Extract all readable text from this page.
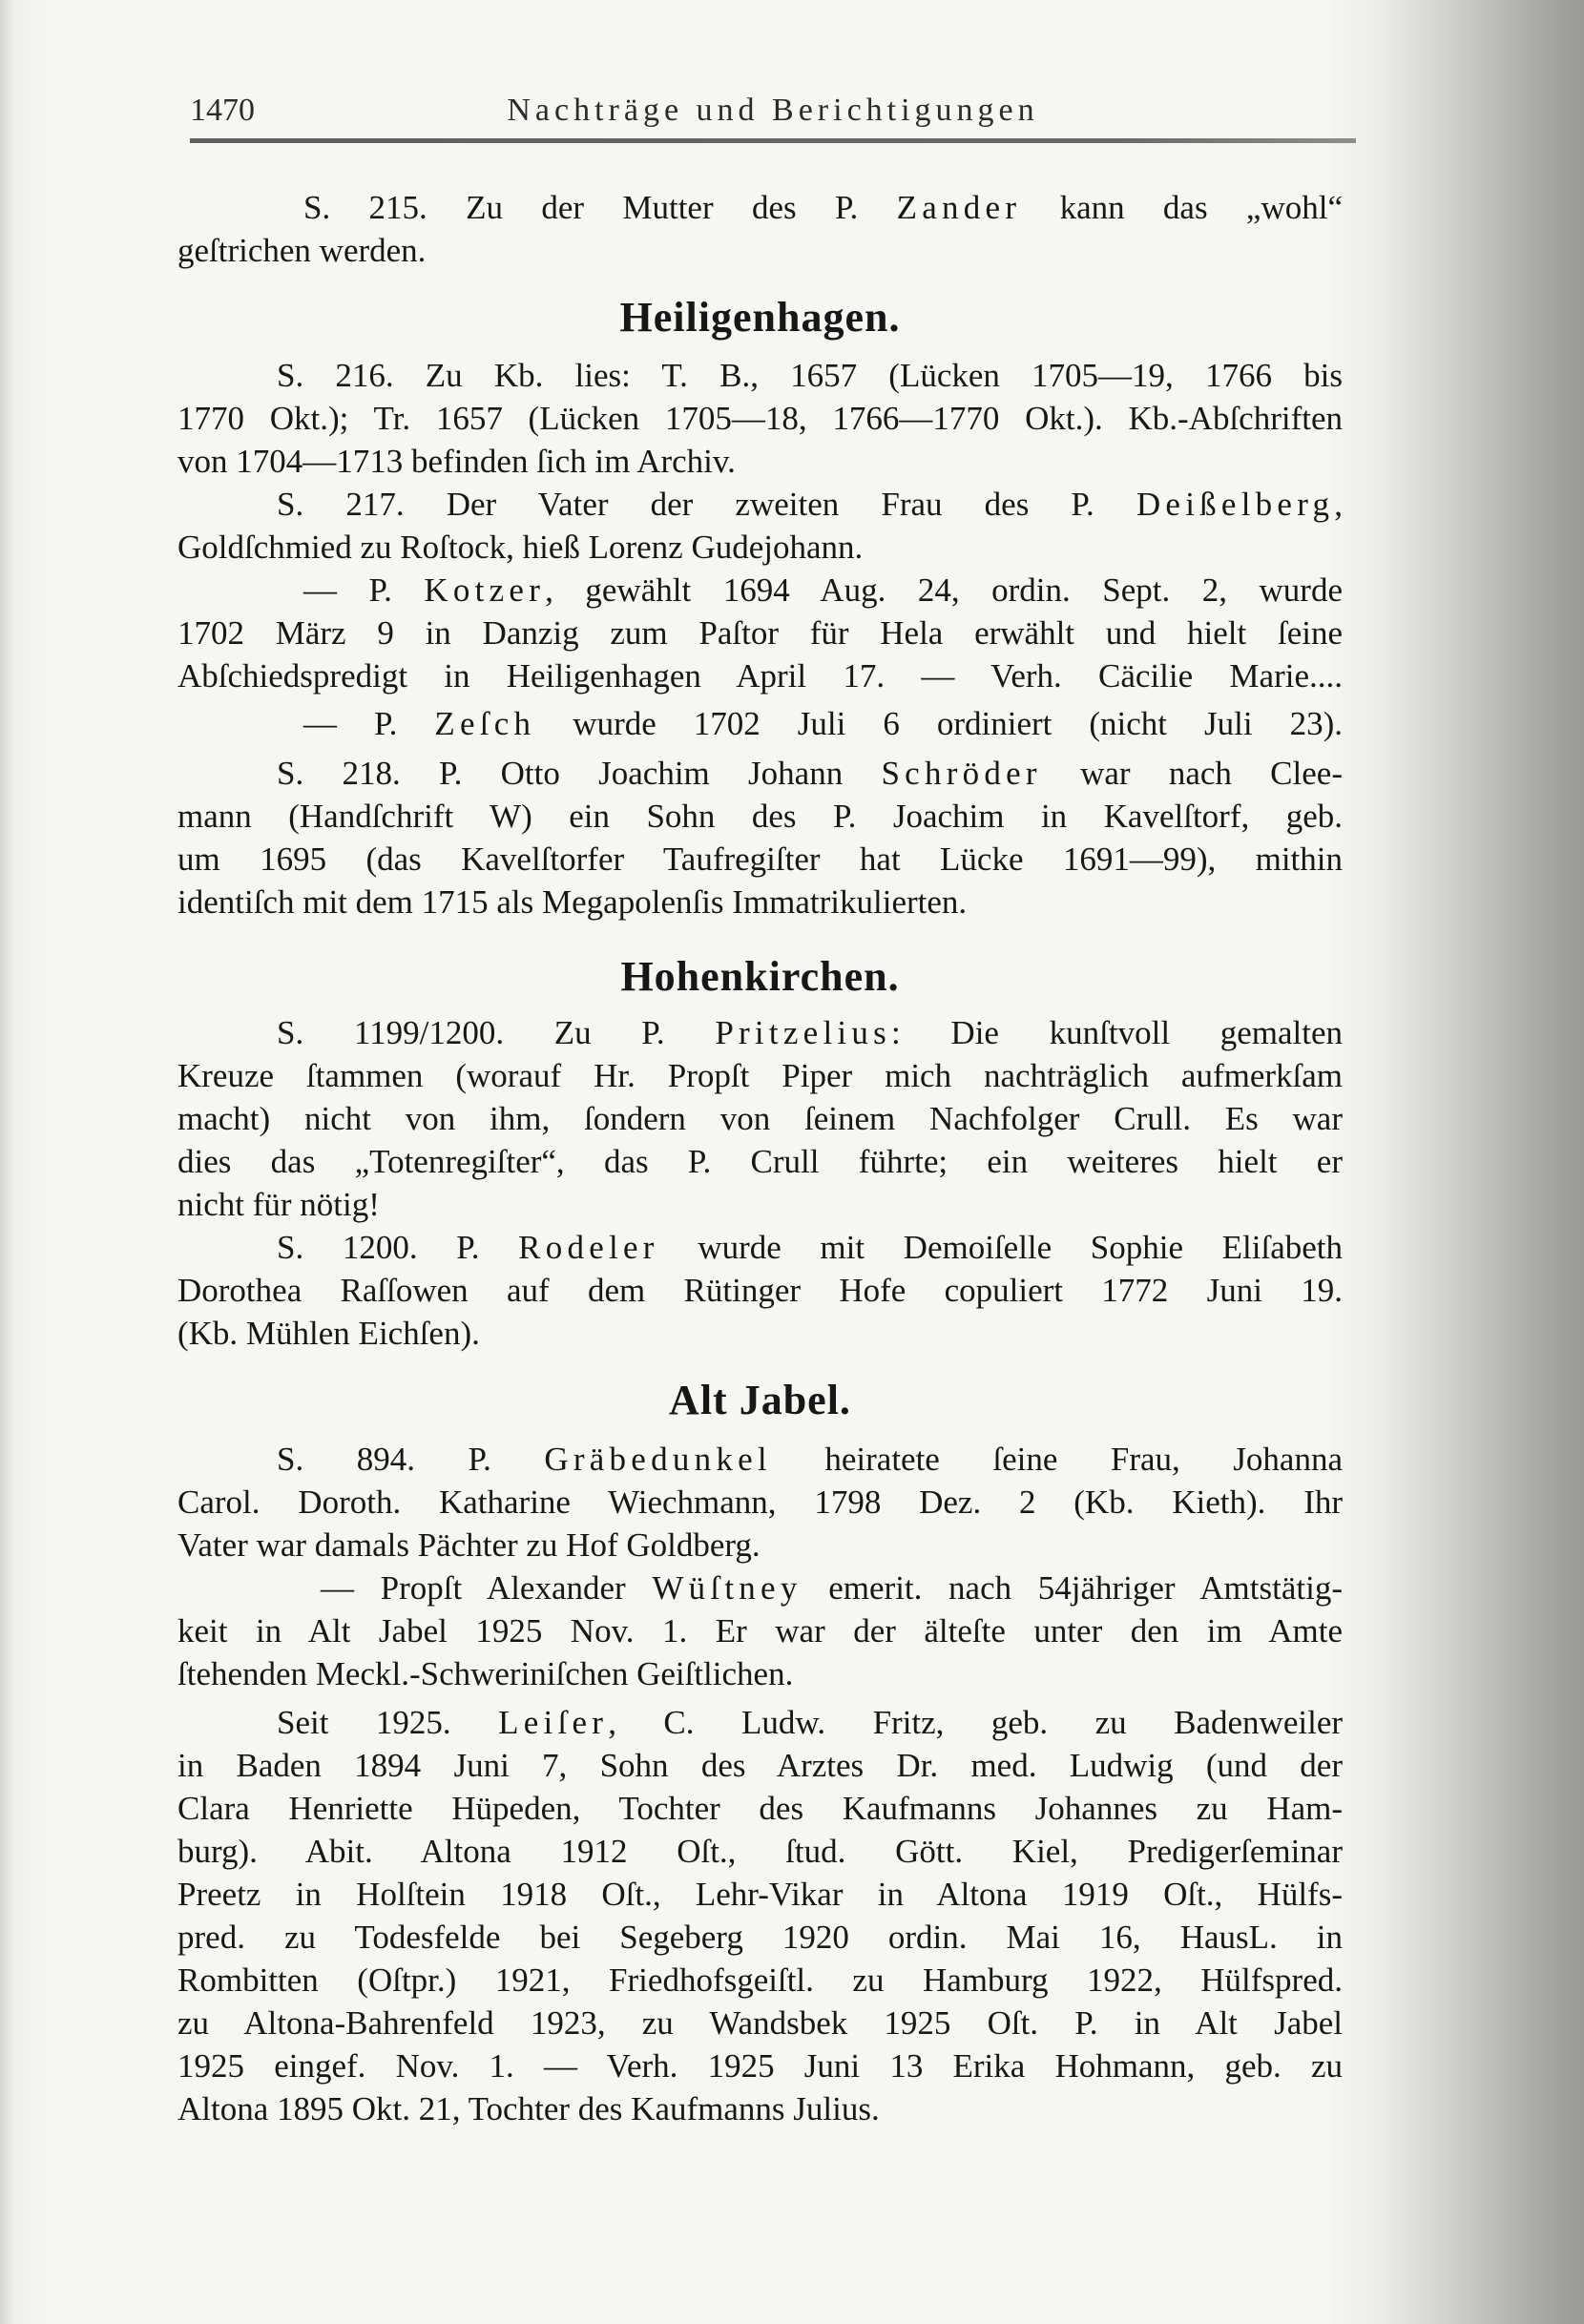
1470	Nachträge und Berichtigungen
S. 215. Zu der Mutter des P. Zander kann das „wohl“
geſtrichen werden.
Heiligenhagen.
S. 216. Zu Kb. lies: T. B., 1657 (Lücken 1705—19, 1766 bis
1770 Okt.); Tr. 1657 (Lücken 1705—18, 1766—1770 Okt.). Kb.-Abſchriften
von 1704—1713 befinden ſich im Archiv.
S. 217. Der Vater der zweiten Frau des P. Deißelberg,
Goldſchmied zu Roſtock, hieß Lorenz Gudejohann.
— P. Kotzer, gewählt 1694 Aug. 24, ordin. Sept. 2, wurde
1702 März 9 in Danzig zum Paſtor für Hela erwählt und hielt ſeine
Abſchiedspredigt in Heiligenhagen April 17. — Verh. Cäcilie Marie....
— P. Zeſch wurde 1702 Juli 6 ordiniert (nicht Juli 23).
S. 218. P. Otto Joachim Johann Schröder war nach Clee-
mann (Handſchrift W) ein Sohn des P. Joachim in Kavelſtorf, geb.
um 1695 (das Kavelſtorfer Taufregiſter hat Lücke 1691—99), mithin
identiſch mit dem 1715 als Megapolenſis Immatrikulierten.
Hohenkirchen.
S. 1199/1200. Zu P. Pritzelius: Die kunſtvoll gemalten
Kreuze ſtammen (worauf Hr. Propſt Piper mich nachträglich aufmerkſam
macht) nicht von ihm, ſondern von ſeinem Nachfolger Crull. Es war
dies das „Totenregiſter“, das P. Crull führte; ein weiteres hielt er
nicht für nötig!
S. 1200. P. Rodeler wurde mit Demoiſelle Sophie Eliſabeth
Dorothea Raſſowen auf dem Rütinger Hofe copuliert 1772 Juni 19.
(Kb. Mühlen Eichſen).
Alt Jabel.
S. 894. P. Gräbedunkel heiratete ſeine Frau, Johanna
Carol. Doroth. Katharine Wiechmann, 1798 Dez. 2 (Kb. Kieth). Ihr
Vater war damals Pächter zu Hof Goldberg.
— Propſt Alexander Wüſtney emerit. nach 54jähriger Amtstätig-
keit in Alt Jabel 1925 Nov. 1. Er war der älteſte unter den im Amte
ſtehenden Meckl.-Schweriniſchen Geiſtlichen.
Seit 1925. Leiſer, C. Ludw. Fritz, geb. zu Badenweiler
in Baden 1894 Juni 7, Sohn des Arztes Dr. med. Ludwig (und der
Clara Henriette Hüpeden, Tochter des Kaufmanns Johannes zu Ham-
burg). Abit. Altona 1912 Oſt., ſtud. Gött. Kiel, Predigerſeminar
Preetz in Holſtein 1918 Oſt., Lehr-Vikar in Altona 1919 Oſt., Hülfs-
pred. zu Todesfelde bei Segeberg 1920 ordin. Mai 16, HausL. in
Rombitten (Oſtpr.) 1921, Friedhofsgeiſtl. zu Hamburg 1922, Hülfspred.
zu Altona-Bahrenfeld 1923, zu Wandsbek 1925 Oſt. P. in Alt Jabel
1925 eingef. Nov. 1. — Verh. 1925 Juni 13 Erika Hohmann, geb. zu
Altona 1895 Okt. 21, Tochter des Kaufmanns Julius.
